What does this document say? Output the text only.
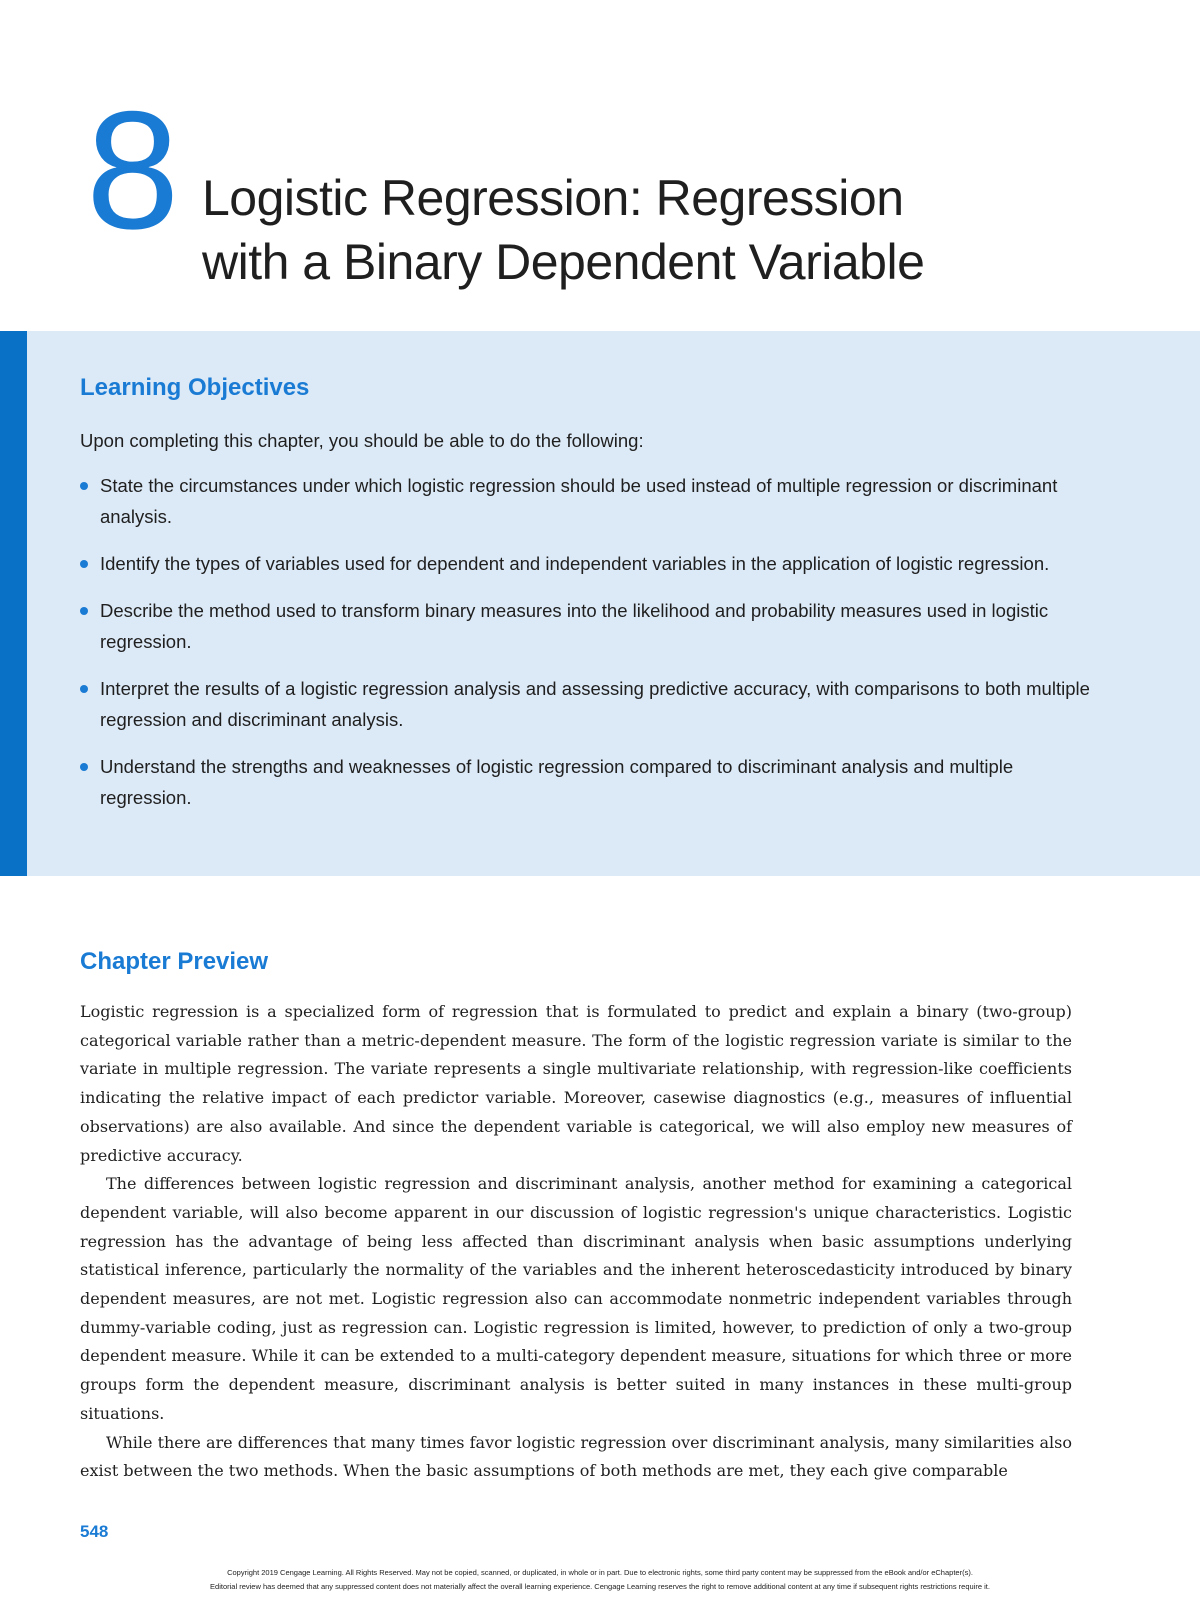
8 Logistic Regression: Regression
with a Binary Dependent Variable
Learning Objectives
Upon completing this chapter, you should be able to do the following:
State the circumstances under which logistic regression should be used instead of multiple regression or discriminant analysis.
Identify the types of variables used for dependent and independent variables in the application of logistic regression.
Describe the method used to transform binary measures into the likelihood and probability measures used in logistic regression.
Interpret the results of a logistic regression analysis and assessing predictive accuracy, with comparisons to both multiple regression and discriminant analysis.
Understand the strengths and weaknesses of logistic regression compared to discriminant analysis and multiple regression.
Chapter Preview

Logistic regression is a specialized form of regression that is formulated to predict and explain a binary (two-group) categorical variable rather than a metric-dependent measure. The form of the logistic regression variate is similar to the variate in multiple regression. The variate represents a single multivariate relationship, with regression-like coefficients indicating the relative impact of each predictor variable. Moreover, casewise diagnostics (e.g., measures of influential observations) are also available. And since the dependent variable is categorical, we will also employ new measures of predictive accuracy.

The differences between logistic regression and discriminant analysis, another method for examining a categorical dependent variable, will also become apparent in our discussion of logistic regression's unique characteristics. Logistic regression has the advantage of being less affected than discriminant analysis when basic assumptions underlying statistical inference, particularly the normality of the variables and the inherent heteroscedasticity introduced by binary dependent measures, are not met. Logistic regression also can accommodate nonmetric independent variables through dummy-variable coding, just as regression can. Logistic regression is limited, however, to prediction of only a two-group dependent measure. While it can be extended to a multi-category dependent measure, situations for which three or more groups form the dependent measure, discriminant analysis is better suited in many instances in these multi-group situations.

While there are differences that many times favor logistic regression over discriminant analysis, many similarities also exist between the two methods. When the basic assumptions of both methods are met, they each give comparable

548
Copyright 2019 Cengage Learning. All Rights Reserved. May not be copied, scanned, or duplicated, in whole or in part. Due to electronic rights, some third party content may be suppressed from the eBook and/or eChapter(s).
Editorial review has deemed that any suppressed content does not materially affect the overall learning experience. Cengage Learning reserves the right to remove additional content at any time if subsequent rights restrictions require it.
